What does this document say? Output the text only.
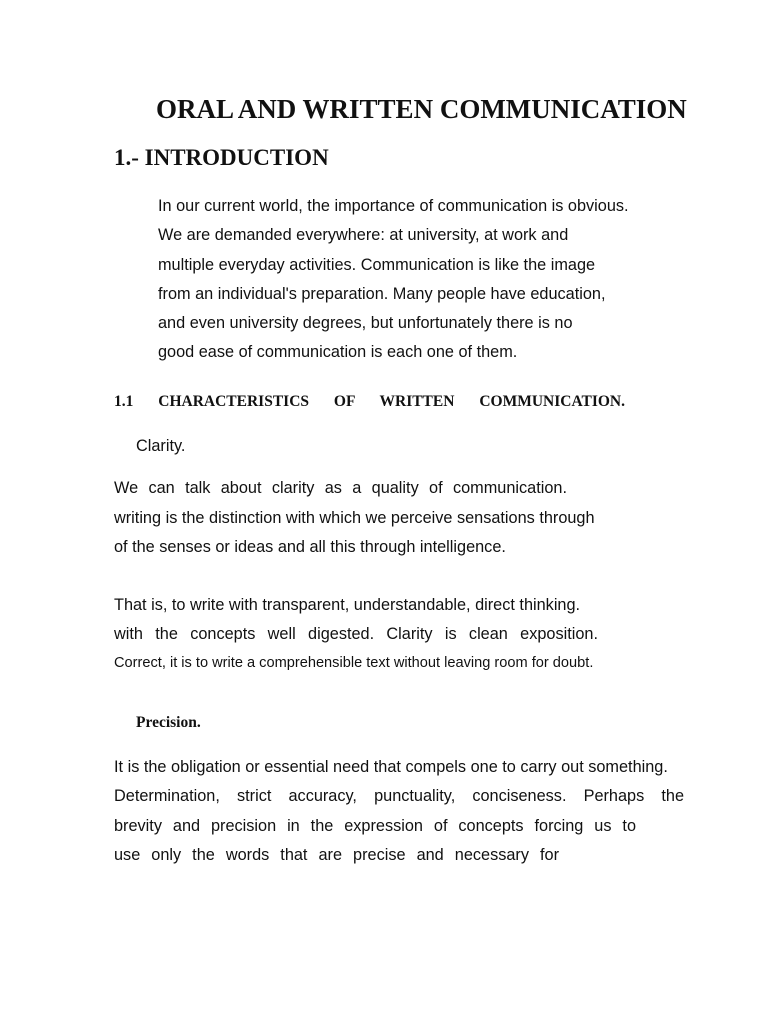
ORAL AND WRITTEN COMMUNICATION
1.- INTRODUCTION
In our current world, the importance of communication is obvious.
We are demanded everywhere: at university, at work and
multiple everyday activities. Communication is like the image
from an individual's preparation. Many people have education,
and even university degrees, but unfortunately there is no
good ease of communication is each one of them.
1.1 CHARACTERISTICS OF WRITTEN COMMUNICATION.
Clarity.
We can talk about clarity as a quality of communication.
writing is the distinction with which we perceive sensations through
of the senses or ideas and all this through intelligence.
That is, to write with transparent, understandable, direct thinking.
with the concepts well digested. Clarity is clean exposition.
Correct, it is to write a comprehensible text without leaving room for doubt.
Precision.
It is the obligation or essential need that compels one to carry out something.
Determination, strict accuracy, punctuality, conciseness. Perhaps the
brevity and precision in the expression of concepts forcing us to
use only the words that are precise and necessary for
